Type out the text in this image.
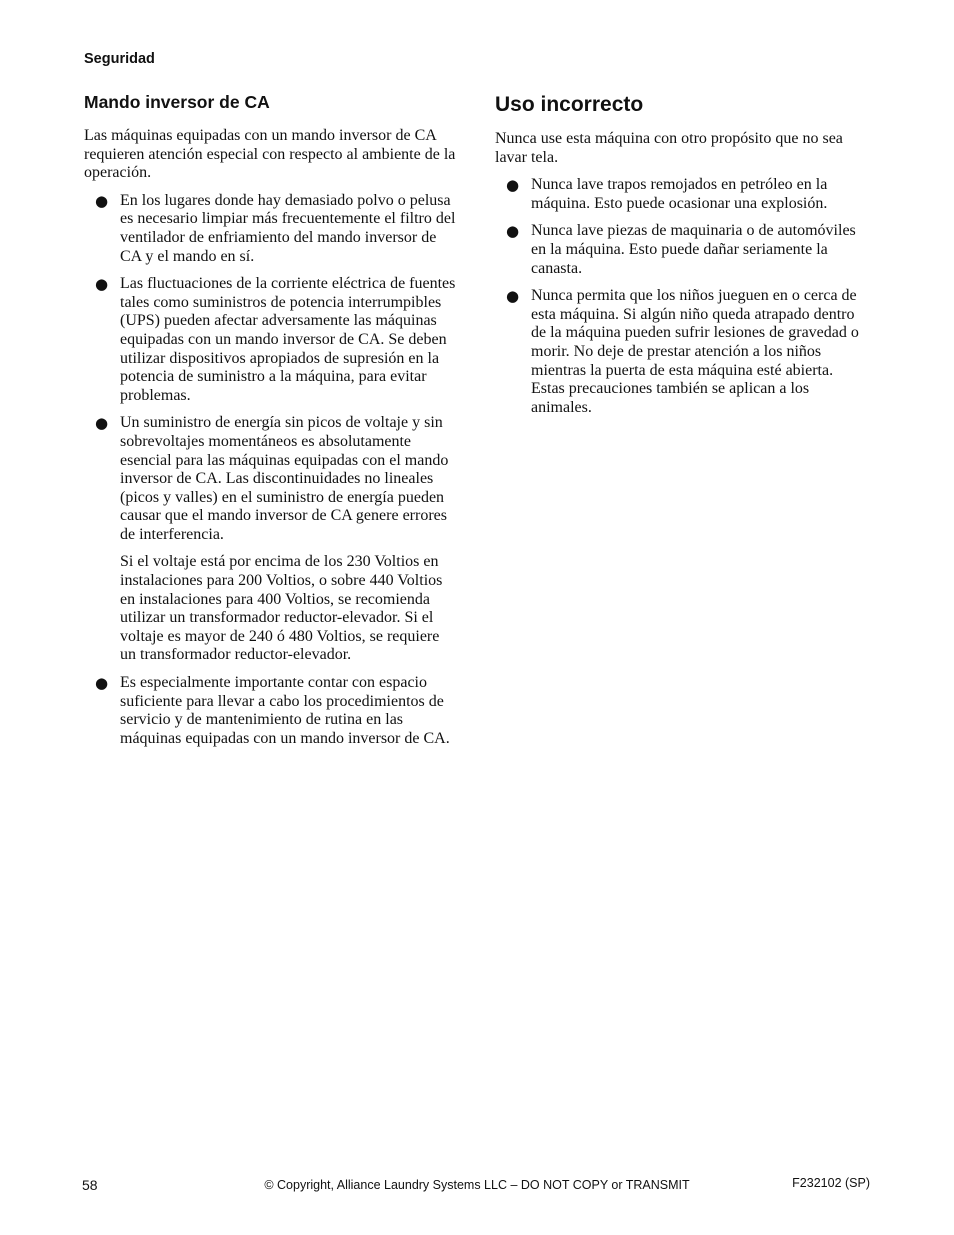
Seguridad
Mando inversor de CA

Las máquinas equipadas con un mando inversor de CA requieren atención especial con respecto al ambiente de la operación.

● En los lugares donde hay demasiado polvo o pelusa es necesario limpiar más frecuentemente el filtro del ventilador de enfriamiento del mando inversor de CA y el mando en sí.

● Las fluctuaciones de la corriente eléctrica de fuentes tales como suministros de potencia interrumpibles (UPS) pueden afectar adversamente las máquinas equipadas con un mando inversor de CA. Se deben utilizar dispositivos apropiados de supresión en la potencia de suministro a la máquina, para evitar problemas.

● Un suministro de energía sin picos de voltaje y sin sobrevoltajes momentáneos es absolutamente esencial para las máquinas equipadas con el mando inversor de CA. Las discontinuidades no lineales (picos y valles) en el suministro de energía pueden causar que el mando inversor de CA genere errores de interferencia.

Si el voltaje está por encima de los 230 Voltios en instalaciones para 200 Voltios, o sobre 440 Voltios en instalaciones para 400 Voltios, se recomienda utilizar un transformador reductor-elevador. Si el voltaje es mayor de 240 ó 480 Voltios, se requiere un transformador reductor-elevador.

● Es especialmente importante contar con espacio suficiente para llevar a cabo los procedimientos de servicio y de mantenimiento de rutina en las máquinas equipadas con un mando inversor de CA.

Uso incorrecto

Nunca use esta máquina con otro propósito que no sea lavar tela.

● Nunca lave trapos remojados en petróleo en la máquina. Esto puede ocasionar una explosión.

● Nunca lave piezas de maquinaria o de automóviles en la máquina. Esto puede dañar seriamente la canasta.

● Nunca permita que los niños jueguen en o cerca de esta máquina. Si algún niño queda atrapado dentro de la máquina pueden sufrir lesiones de gravedad o morir. No deje de prestar atención a los niños mientras la puerta de esta máquina esté abierta. Estas precauciones también se aplican a los animales.

58	© Copyright, Alliance Laundry Systems LLC – DO NOT COPY or TRANSMIT	F232102 (SP)
